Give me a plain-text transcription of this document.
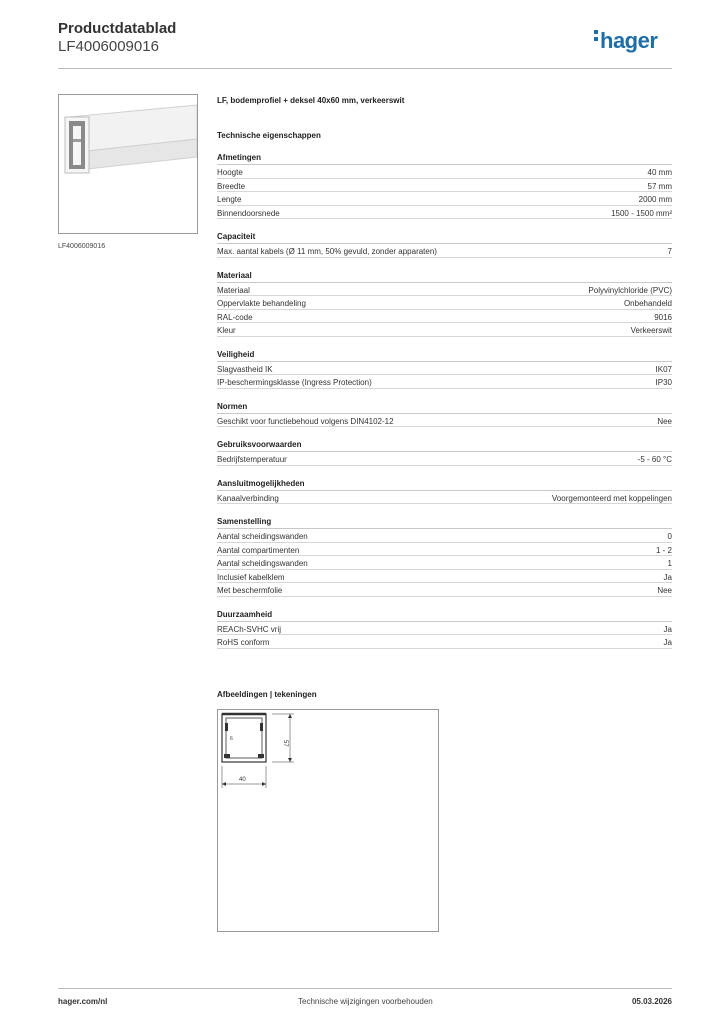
Productdatablad
LF4006009016	hager
LF4006009016
LF, bodemprofiel + deksel 40x60 mm, verkeerswit
Technische eigenschappen
Afmetingen
Hoogte	40 mm
Breedte	57 mm
Lengte	2000 mm
Binnendoorsnede	1500 - 1500 mm²
Capaciteit
Max. aantal kabels (Ø 11 mm, 50% gevuld, zonder apparaten)	7
Materiaal
Materiaal	Polyvinylchloride (PVC)
Oppervlakte behandeling	Onbehandeld
RAL-code	9016
Kleur	Verkeerswit
Veiligheid
Slagvastheid IK	IK07
IP-beschermingsklasse (Ingress Protection)	IP30
Normen
Geschikt voor functiebehoud volgens DIN4102-12	Nee
Gebruiksvoorwaarden
Bedrijfstemperatuur	-5 - 60 °C
Aansluitmogelijkheden
Kanaalverbinding	Voorgemonteerd met koppelingen
Samenstelling
Aantal scheidingswanden	0
Aantal compartimenten	1 - 2
Aantal scheidingswanden	1
Inclusief kabelklem	Ja
Met beschermfolie	Nee
Duurzaamheid
REACh-SVHC vrij	Ja
RoHS conform	Ja
Afbeeldingen | tekeningen
6
57
40
hager.com/nl	Technische wijzigingen voorbehouden	05.03.2026
